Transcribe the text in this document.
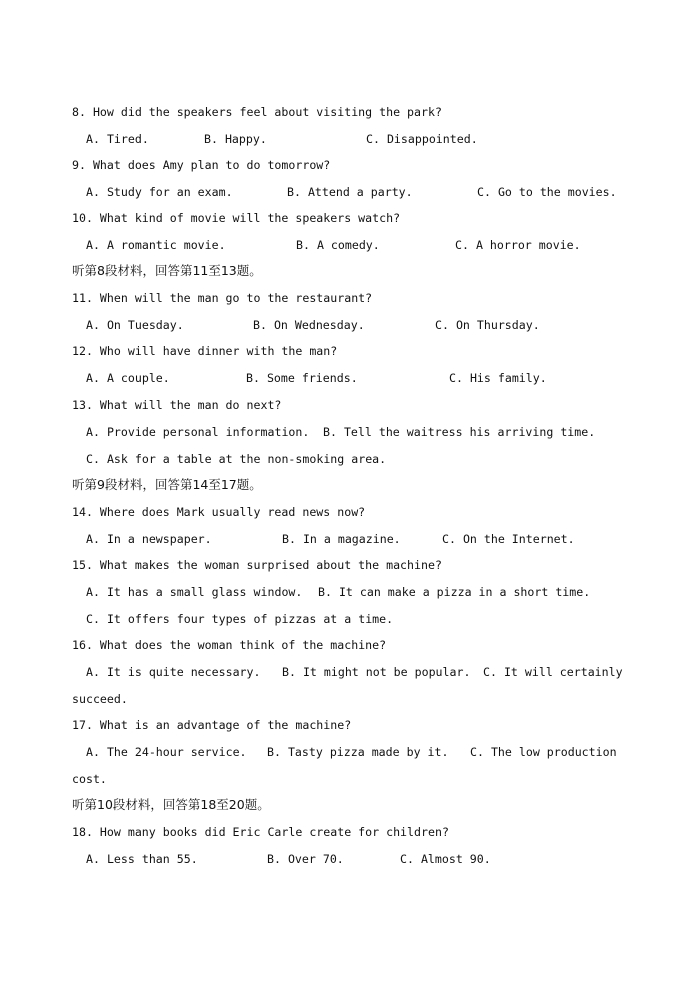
8. How did the speakers feel about visiting the park?
A. Tired.	B. Happy.	C. Disappointed.
9. What does Amy plan to do tomorrow?
A. Study for an exam.	B. Attend a party.	C. Go to the movies.
10. What kind of movie will the speakers watch?
A. A romantic movie.	B. A comedy.	C. A horror movie.
听第8段材料，回答第11至13题。
11. When will the man go to the restaurant?
A. On Tuesday.	B. On Wednesday.	C. On Thursday.
12. Who will have dinner with the man?
A. A couple.	B. Some friends.	C. His family.
13. What will the man do next?
A. Provide personal information. B. Tell the waitress his arriving time.
C. Ask for a table at the non-smoking area.
听第9段材料，回答第14至17题。
14. Where does Mark usually read news now?
A. In a newspaper.	B. In a magazine.	C. On the Internet.
15. What makes the woman surprised about the machine?
A. It has a small glass window. B. It can make a pizza in a short time.
C. It offers four types of pizzas at a time.
16. What does the woman think of the machine?
A. It is quite necessary. B. It might not be popular. C. It will certainly
17. What is an advantage of the machine?
A. The 24-hour service. B. Tasty pizza made by it. C. The low production
听第10段材料，回答第18至20题。
18. How many books did Eric Carle create for children?
A. Less than 55.	B. Over 70.	C. Almost 90.
succeed.
cost.
